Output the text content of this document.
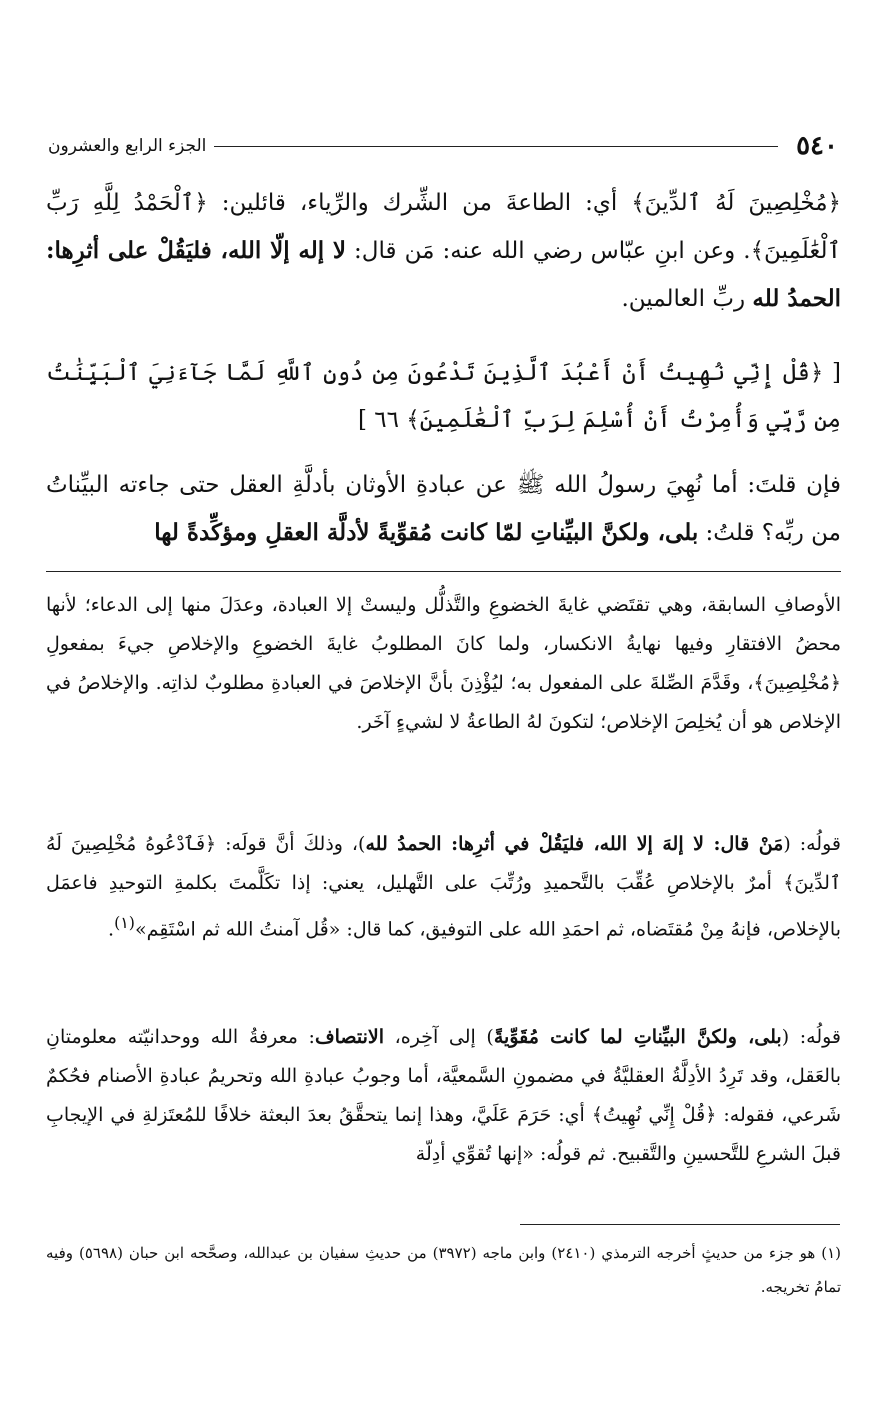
٥٤٠
الجزء الرابع والعشرون

﴿مُخْلِصِينَ لَهُ ٱلدِّينَ﴾ أي: الطاعةَ من الشِّرك والرِّياء، قائلين: ﴿ٱلْحَمْدُ لِلَّهِ رَبِّ ٱلْعَٰلَمِينَ﴾. وعن ابنِ عبّاس رضي الله عنه: مَن قال: لا إله إلّا الله، فليَقُلْ على أثرِها: الحمدُ لله ربِّ العالمين.

[ ﴿قُلْ إِنِّي نُهِيتُ أَنْ أَعْبُدَ ٱلَّذِينَ تَدْعُونَ مِن دُونِ ٱللَّهِ لَمَّا جَآءَنِيَ ٱلْبَيِّنَٰتُ مِن رَّبِّي وَأُمِرْتُ أَنْ أُسْلِمَ لِرَبِّ ٱلْعَٰلَمِينَ﴾ ٦٦ ]

فإن قلتَ: أما نُهِيَ رسولُ الله ﷺ عن عبادةِ الأوثان بأدلَّةِ العقل حتى جاءته البيِّناتُ من ربِّه؟ قلتُ: بلى، ولكنَّ البيِّناتِ لمّا كانت مُقوِّيةً لأدلَّة العقلِ ومؤكِّدةً لها

الأوصافِ السابقة، وهي تقتَضي غايةَ الخضوعِ والتَّذلُّل وليستْ إلا العبادة، وعدَلَ منها إلى الدعاء؛ لأنها محضُ الافتقارِ وفيها نهايةُ الانكسار، ولما كانَ المطلوبُ غايةَ الخضوعِ والإخلاصِ جيءَ بمفعولِ ﴿مُخْلِصِينَ﴾، وقَدَّمَ الصِّلةَ على المفعول به؛ ليُؤْذِنَ بأنَّ الإخلاصَ في العبادةِ مطلوبٌ لذاتِه. والإخلاصُ في الإخلاص هو أن يُخلِصَ الإخلاص؛ لتكونَ لهُ الطاعةُ لا لشيءٍ آخَر.

قولُه: (مَنْ قال: لا إلهَ إلا الله، فليَقُلْ في أثرِها: الحمدُ لله)، وذلكَ أنَّ قولَه: ﴿فَٱدْعُوهُ مُخْلِصِينَ لَهُ ٱلدِّينَ﴾ أمرٌ بالإخلاصِ عُقِّبَ بالتَّحميدِ ورُتِّبَ على التَّهليل، يعني: إذا تكَلَّمتَ بكلمةِ التوحيدِ فاعمَل بالإخلاص، فإنهُ مِنْ مُقتَضاه، ثم احمَدِ الله على التوفيق، كما قال: «قُل آمنتُ الله ثم اسْتَقِم»$^{(١)}$.

قولُه: (بلى، ولكنَّ البيِّناتِ لما كانت مُقَوِّيةً) إلى آخِره، الانتصاف: معرفةُ الله ووحدانيّته معلومتانِ بالعَقل، وقد تَرِدُ الأدِلَّةُ العقليَّةُ في مضمونِ السَّمعيَّة، أما وجوبُ عبادةِ الله وتحريمُ عبادةِ الأصنام فحُكمٌ شَرعي، فقوله: ﴿قُلْ إِنِّي نُهِيتُ﴾ أي: حَرَمَ عَلَيَّ، وهذا إنما يتحقَّقُ بعدَ البعثة خلافًا للمُعتَزلةِ في الإيجابِ قبلَ الشرعِ للتَّحسينِ والتَّقبيح. ثم قولُه: «إنها تُقوِّي أدِلّة

(١) هو جزء من حديثٍ أخرجه الترمذي (٢٤١٠) وابن ماجه (٣٩٧٢) من حديثِ سفيان بن عبدالله، وصحَّحه ابن حبان (٥٦٩٨) وفيه تمامُ تخريجه.
